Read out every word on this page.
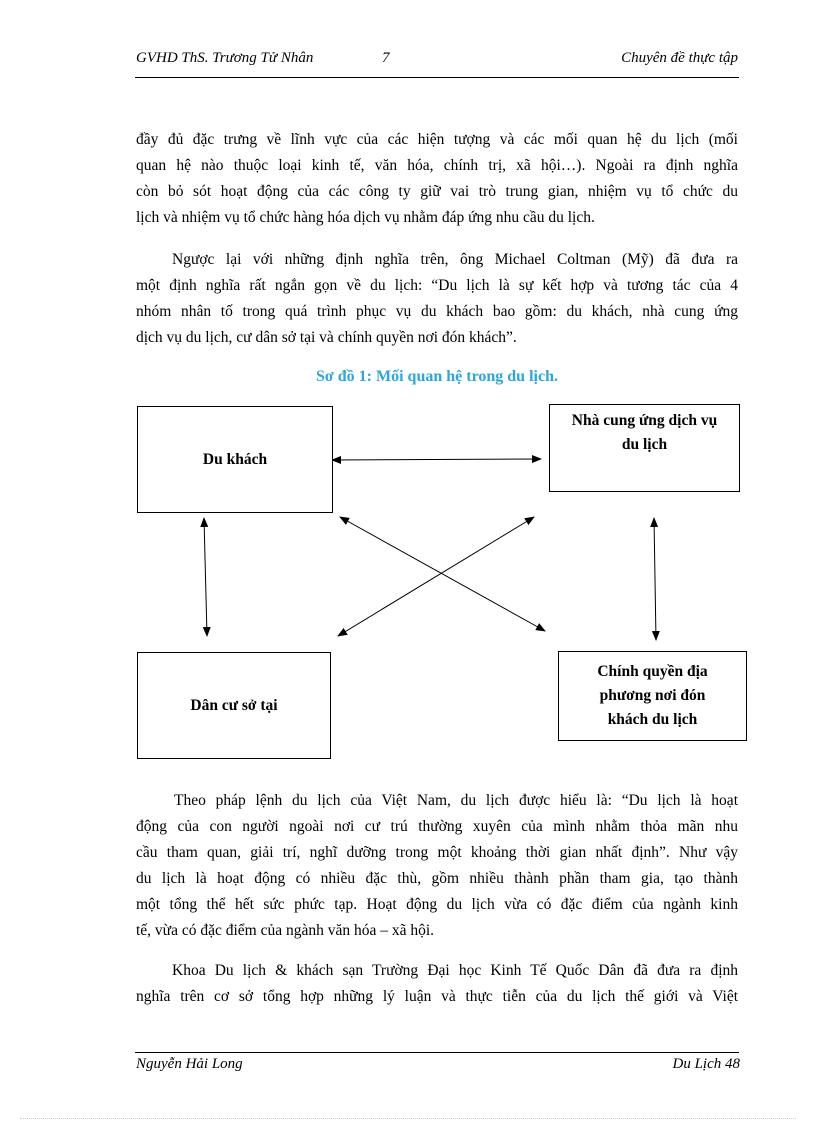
GVHD ThS. Trương Tử Nhân	7	Chuyên đề thực tập
đầy đủ đặc trưng về lĩnh vực của các hiện tượng và các mối quan hệ du lịch (mối
quan hệ nào thuộc loại kinh tế, văn hóa, chính trị, xã hội…). Ngoài ra định nghĩa
còn bỏ sót hoạt động của các công ty giữ vai trò trung gian, nhiệm vụ tổ chức du
lịch và nhiệm vụ tổ chức hàng hóa dịch vụ nhằm đáp ứng nhu cầu du lịch.
Ngược lại với những định nghĩa trên, ông Michael Coltman (Mỹ) đã đưa ra
một định nghĩa rất ngắn gọn về du lịch: “Du lịch là sự kết hợp và tương tác của 4
nhóm nhân tố trong quá trình phục vụ du khách bao gồm: du khách, nhà cung ứng
dịch vụ du lịch, cư dân sở tại và chính quyền nơi đón khách”.
Sơ đồ 1: Mối quan hệ trong du lịch.
Du khách
Nhà cung ứng dịch vụ du lịch
Dân cư sở tại
Chính quyền địa phương nơi đón khách du lịch
Theo pháp lệnh du lịch của Việt Nam, du lịch được hiểu là: “Du lịch là hoạt
động của con người ngoài nơi cư trú thường xuyên của mình nhằm thỏa mãn nhu
cầu tham quan, giải trí, nghĩ dưỡng trong một khoảng thời gian nhất định”. Như vậy
du lịch là hoạt động có nhiều đặc thù, gồm nhiều thành phần tham gia, tạo thành
một tổng thể hết sức phức tạp. Hoạt động du lịch vừa có đặc điểm của ngành kinh
tế, vừa có đặc điểm của ngành văn hóa – xã hội.
Khoa Du lịch & khách sạn Trường Đại học Kinh Tế Quốc Dân đã đưa ra định
nghĩa trên cơ sở tổng hợp những lý luận và thực tiễn của du lịch thế giới và Việt
Nguyễn Hải Long	Du Lịch 48
